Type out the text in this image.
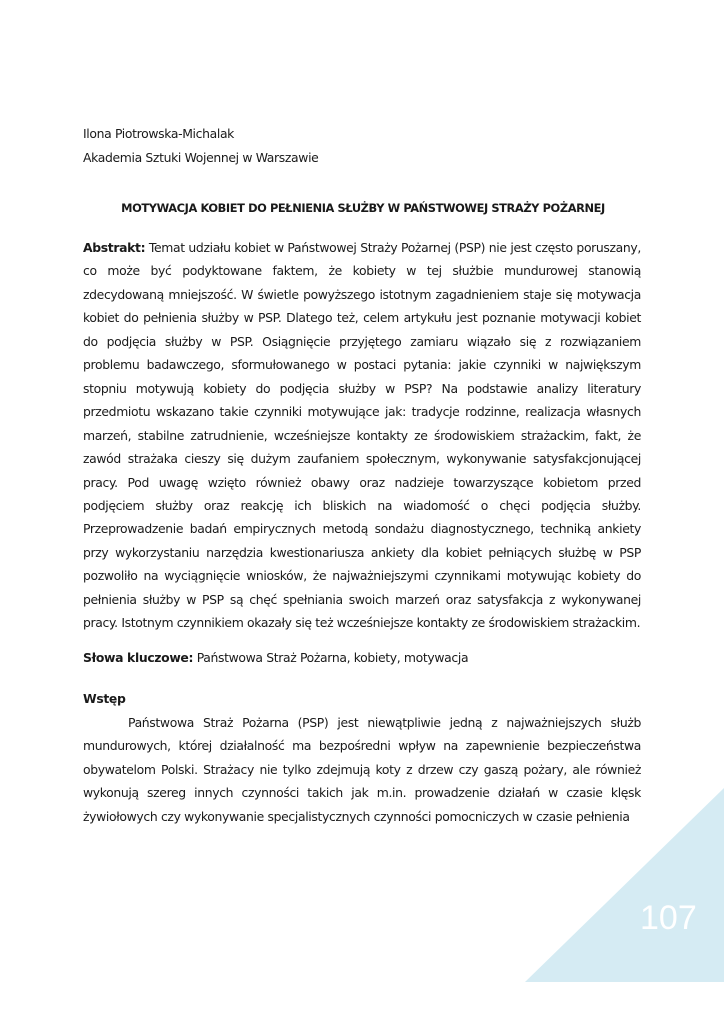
Ilona Piotrowska-Michalak
Akademia Sztuki Wojennej w Warszawie
MOTYWACJA KOBIET DO PEŁNIENIA SŁUŻBY W PAŃSTWOWEJ STRAŻY POŻARNEJ

Abstrakt: Temat udziału kobiet w Państwowej Straży Pożarnej (PSP) nie jest często poruszany, co może być podyktowane faktem, że kobiety w tej służbie mundurowej stanowią zdecydowaną mniejszość. W świetle powyższego istotnym zagadnieniem staje się motywacja kobiet do pełnienia służby w PSP. Dlatego też, celem artykułu jest poznanie motywacji kobiet do podjęcia służby w PSP. Osiągnięcie przyjętego zamiaru wiązało się z rozwiązaniem problemu badawczego, sformułowanego w postaci pytania: jakie czynniki w największym stopniu motywują kobiety do podjęcia służby w PSP? Na podstawie analizy literatury przedmiotu wskazano takie czynniki motywujące jak: tradycje rodzinne, realizacja własnych marzeń, stabilne zatrudnienie, wcześniejsze kontakty ze środowiskiem strażackim, fakt, że zawód strażaka cieszy się dużym zaufaniem społecznym, wykonywanie satysfakcjonującej pracy. Pod uwagę wzięto również obawy oraz nadzieje towarzyszące kobietom przed podjęciem służby oraz reakcję ich bliskich na wiadomość o chęci podjęcia służby. Przeprowadzenie badań empirycznych metodą sondażu diagnostycznego, techniką ankiety przy wykorzystaniu narzędzia kwestionariusza ankiety dla kobiet pełniących służbę w PSP pozwoliło na wyciągnięcie wniosków, że najważniejszymi czynnikami motywując kobiety do pełnienia służby w PSP są chęć spełniania swoich marzeń oraz satysfakcja z wykonywanej pracy. Istotnym czynnikiem okazały się też wcześniejsze kontakty ze środowiskiem strażackim.

Słowa kluczowe: Państwowa Straż Pożarna, kobiety, motywacja

Wstęp

Państwowa Straż Pożarna (PSP) jest niewątpliwie jedną z najważniejszych służb mundurowych, której działalność ma bezpośredni wpływ na zapewnienie bezpieczeństwa obywatelom Polski. Strażacy nie tylko zdejmują koty z drzew czy gaszą pożary, ale również wykonują szereg innych czynności takich jak m.in. prowadzenie działań w czasie klęsk żywiołowych czy wykonywanie specjalistycznych czynności pomocniczych w czasie pełnienia

107
